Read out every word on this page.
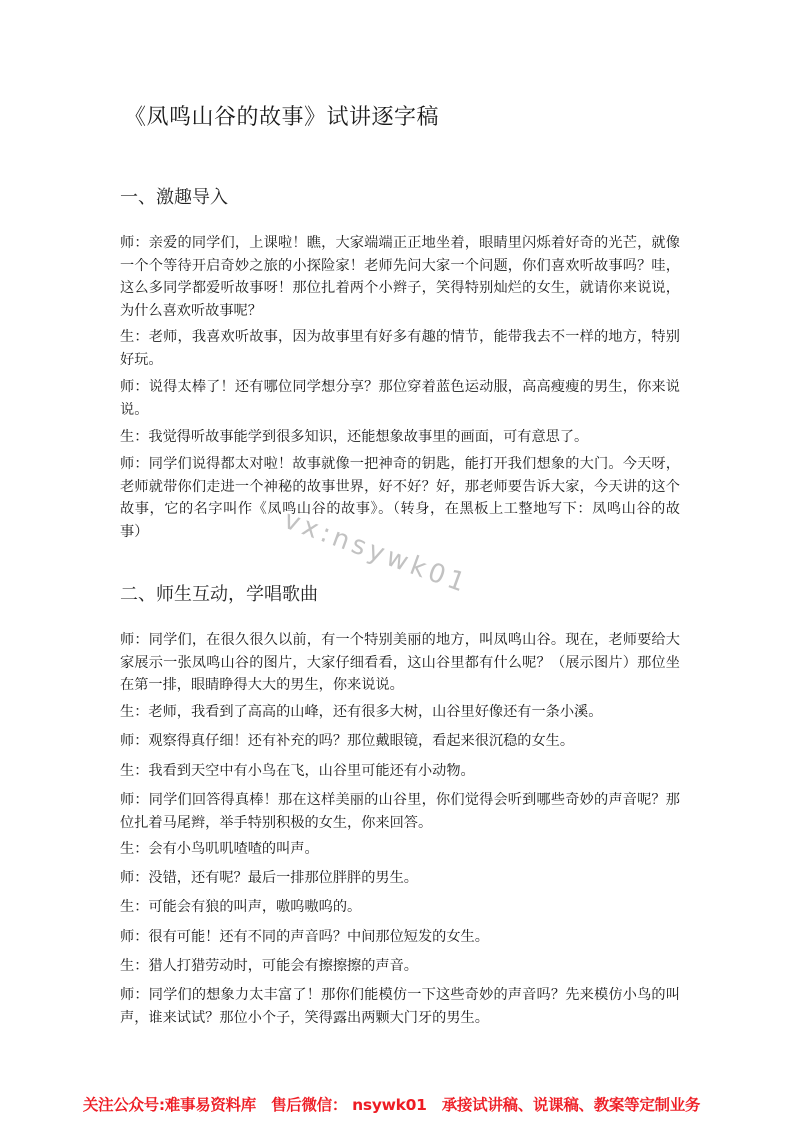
《凤鸣山谷的故事》试讲逐字稿
一、激趣导入

师：亲爱的同学们，上课啦！瞧，大家端端正正地坐着，眼睛里闪烁着好奇的光芒，就像一个个等待开启奇妙之旅的小探险家！老师先问大家一个问题，你们喜欢听故事吗？哇，这么多同学都爱听故事呀！那位扎着两个小辫子，笑得特别灿烂的女生，就请你来说说，为什么喜欢听故事呢？

生：老师，我喜欢听故事，因为故事里有好多有趣的情节，能带我去不一样的地方，特别好玩。

师：说得太棒了！还有哪位同学想分享？那位穿着蓝色运动服，高高瘦瘦的男生，你来说说。

生：我觉得听故事能学到很多知识，还能想象故事里的画面，可有意思了。

师：同学们说得都太对啦！故事就像一把神奇的钥匙，能打开我们想象的大门。今天呀，老师就带你们走进一个神秘的故事世界，好不好？好，那老师要告诉大家，今天讲的这个故事，它的名字叫作《凤鸣山谷的故事》。（转身，在黑板上工整地写下：凤鸣山谷的故事）

二、师生互动，学唱歌曲

师：同学们，在很久很久以前，有一个特别美丽的地方，叫凤鸣山谷。现在，老师要给大家展示一张凤鸣山谷的图片，大家仔细看看，这山谷里都有什么呢？（展示图片）那位坐在第一排，眼睛睁得大大的男生，你来说说。

生：老师，我看到了高高的山峰，还有很多大树，山谷里好像还有一条小溪。

师：观察得真仔细！还有补充的吗？那位戴眼镜，看起来很沉稳的女生。

生：我看到天空中有小鸟在飞，山谷里可能还有小动物。

师：同学们回答得真棒！那在这样美丽的山谷里，你们觉得会听到哪些奇妙的声音呢？那位扎着马尾辫，举手特别积极的女生，你来回答。

生：会有小鸟叽叽喳喳的叫声。

师：没错，还有呢？最后一排那位胖胖的男生。

生：可能会有狼的叫声，嗷呜嗷呜的。

师：很有可能！还有不同的声音吗？中间那位短发的女生。

生：猎人打猎劳动时，可能会有擦擦擦的声音。

师：同学们的想象力太丰富了！那你们能模仿一下这些奇妙的声音吗？先来模仿小鸟的叫声，谁来试试？那位小个子，笑得露出两颗大门牙的男生。

vx:nsywk01
关注公众号:难事易资料库 售后微信： nsywk01 承接试讲稿、说课稿、教案等定制业务
